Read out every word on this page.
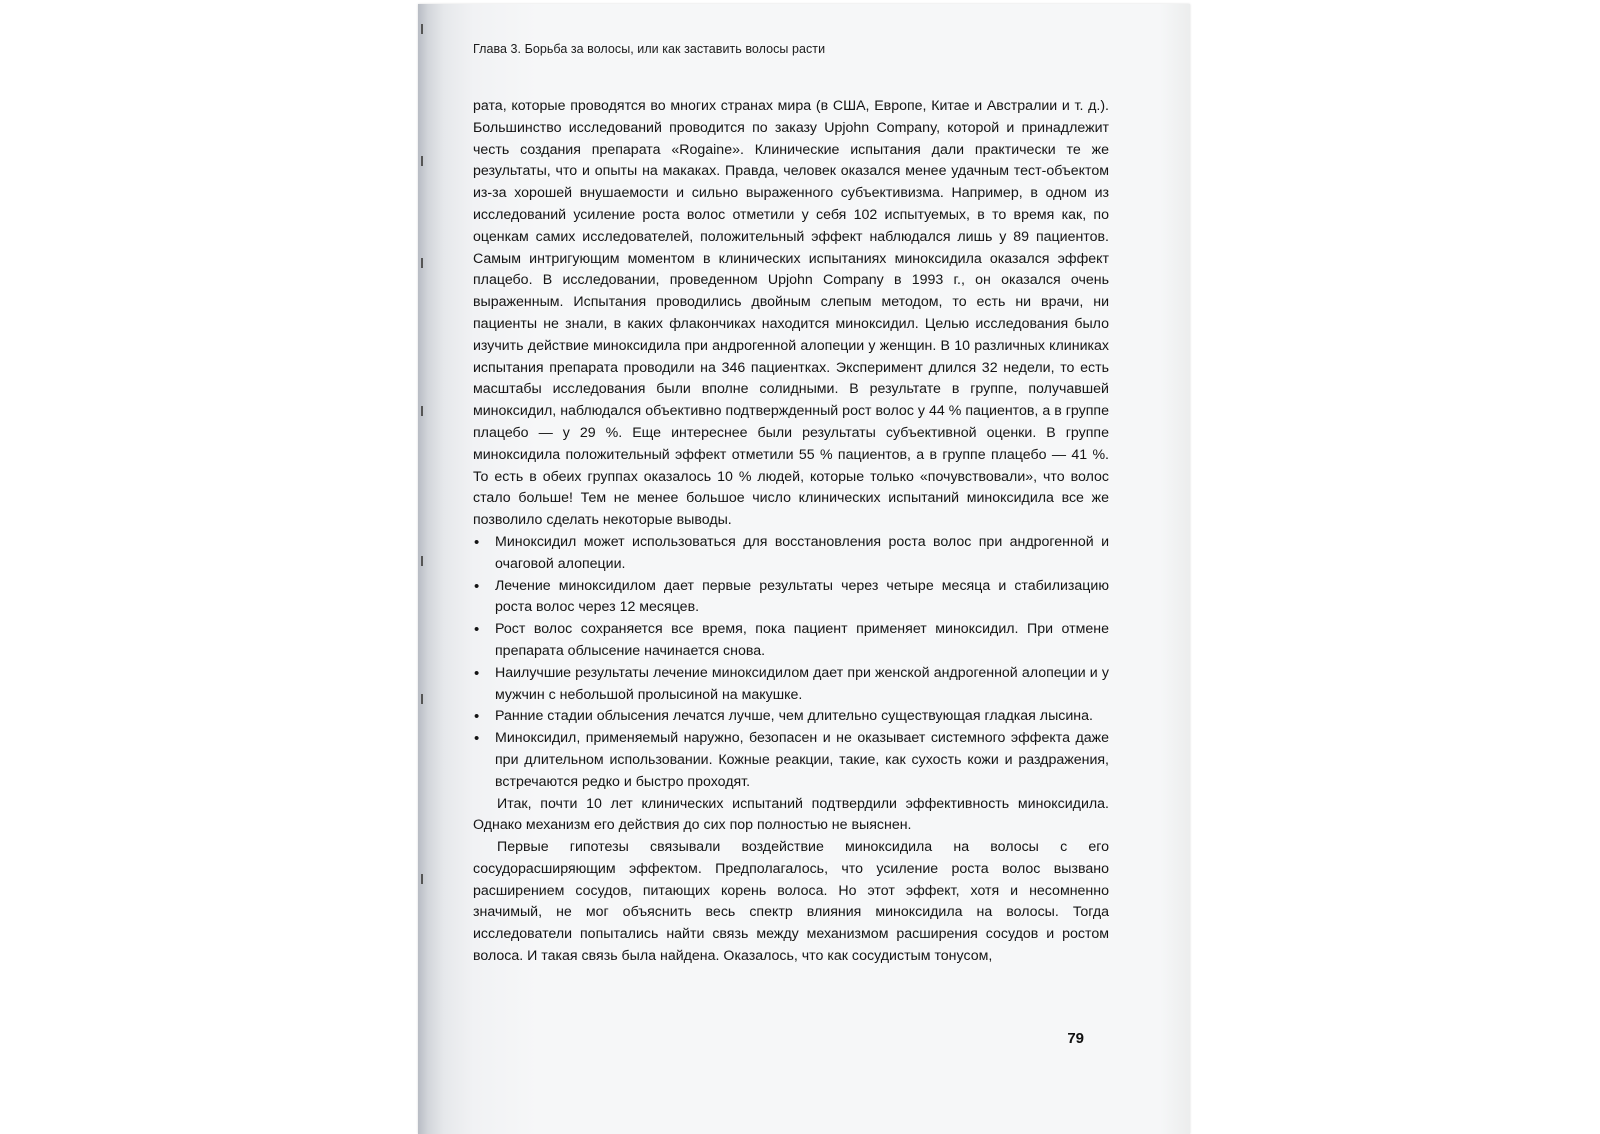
Глава 3. Борьба за волосы, или как заставить волосы расти

рата, которые проводятся во многих странах мира (в США, Европе, Китае и Австралии и т. д.). Большинство исследований проводится по заказу Upjohn Company, которой и принадлежит честь создания препарата «Rogaine». Клинические испытания дали практически те же результаты, что и опыты на макаках. Правда, человек оказался менее удачным тест-объектом из-за хорошей внушаемости и сильно выраженного субъективизма. Например, в одном из исследований усиление роста волос отметили у себя 102 испытуемых, в то время как, по оценкам самих исследователей, положительный эффект наблюдался лишь у 89 пациентов. Самым интригующим моментом в клинических испытаниях миноксидила оказался эффект плацебо. В исследовании, проведенном Upjohn Company в 1993 г., он оказался очень выраженным. Испытания проводились двойным слепым методом, то есть ни врачи, ни пациенты не знали, в каких флакончиках находится миноксидил. Целью исследования было изучить действие миноксидила при андрогенной алопеции у женщин. В 10 различных клиниках испытания препарата проводили на 346 пациентках. Эксперимент длился 32 недели, то есть масштабы исследования были вполне солидными. В результате в группе, получавшей миноксидил, наблюдался объективно подтвержденный рост волос у 44 % пациентов, а в группе плацебо — у 29 %. Еще интереснее были результаты субъективной оценки. В группе миноксидила положительный эффект отметили 55 % пациентов, а в группе плацебо — 41 %. То есть в обеих группах оказалось 10 % людей, которые только «почувствовали», что волос стало больше! Тем не менее большое число клинических испытаний миноксидила все же позволило сделать некоторые выводы.

• Миноксидил может использоваться для восстановления роста волос при андрогенной и очаговой алопеции.
• Лечение миноксидилом дает первые результаты через четыре месяца и стабилизацию роста волос через 12 месяцев.
• Рост волос сохраняется все время, пока пациент применяет миноксидил. При отмене препарата облысение начинается снова.
• Наилучшие результаты лечение миноксидилом дает при женской андрогенной алопеции и у мужчин с небольшой пролысиной на макушке.
• Ранние стадии облысения лечатся лучше, чем длительно существующая гладкая лысина.
• Миноксидил, применяемый наружно, безопасен и не оказывает системного эффекта даже при длительном использовании. Кожные реакции, такие, как сухость кожи и раздражения, встречаются редко и быстро проходят.

Итак, почти 10 лет клинических испытаний подтвердили эффективность миноксидила. Однако механизм его действия до сих пор полностью не выяснен.

Первые гипотезы связывали воздействие миноксидила на волосы с его сосудорасширяющим эффектом. Предполагалось, что усиление роста волос вызвано расширением сосудов, питающих корень волоса. Но этот эффект, хотя и несомненно значимый, не мог объяснить весь спектр влияния миноксидила на волосы. Тогда исследователи попытались найти связь между механизмом расширения сосудов и ростом волоса. И такая связь была найдена. Оказалось, что как сосудистым тонусом,

79
